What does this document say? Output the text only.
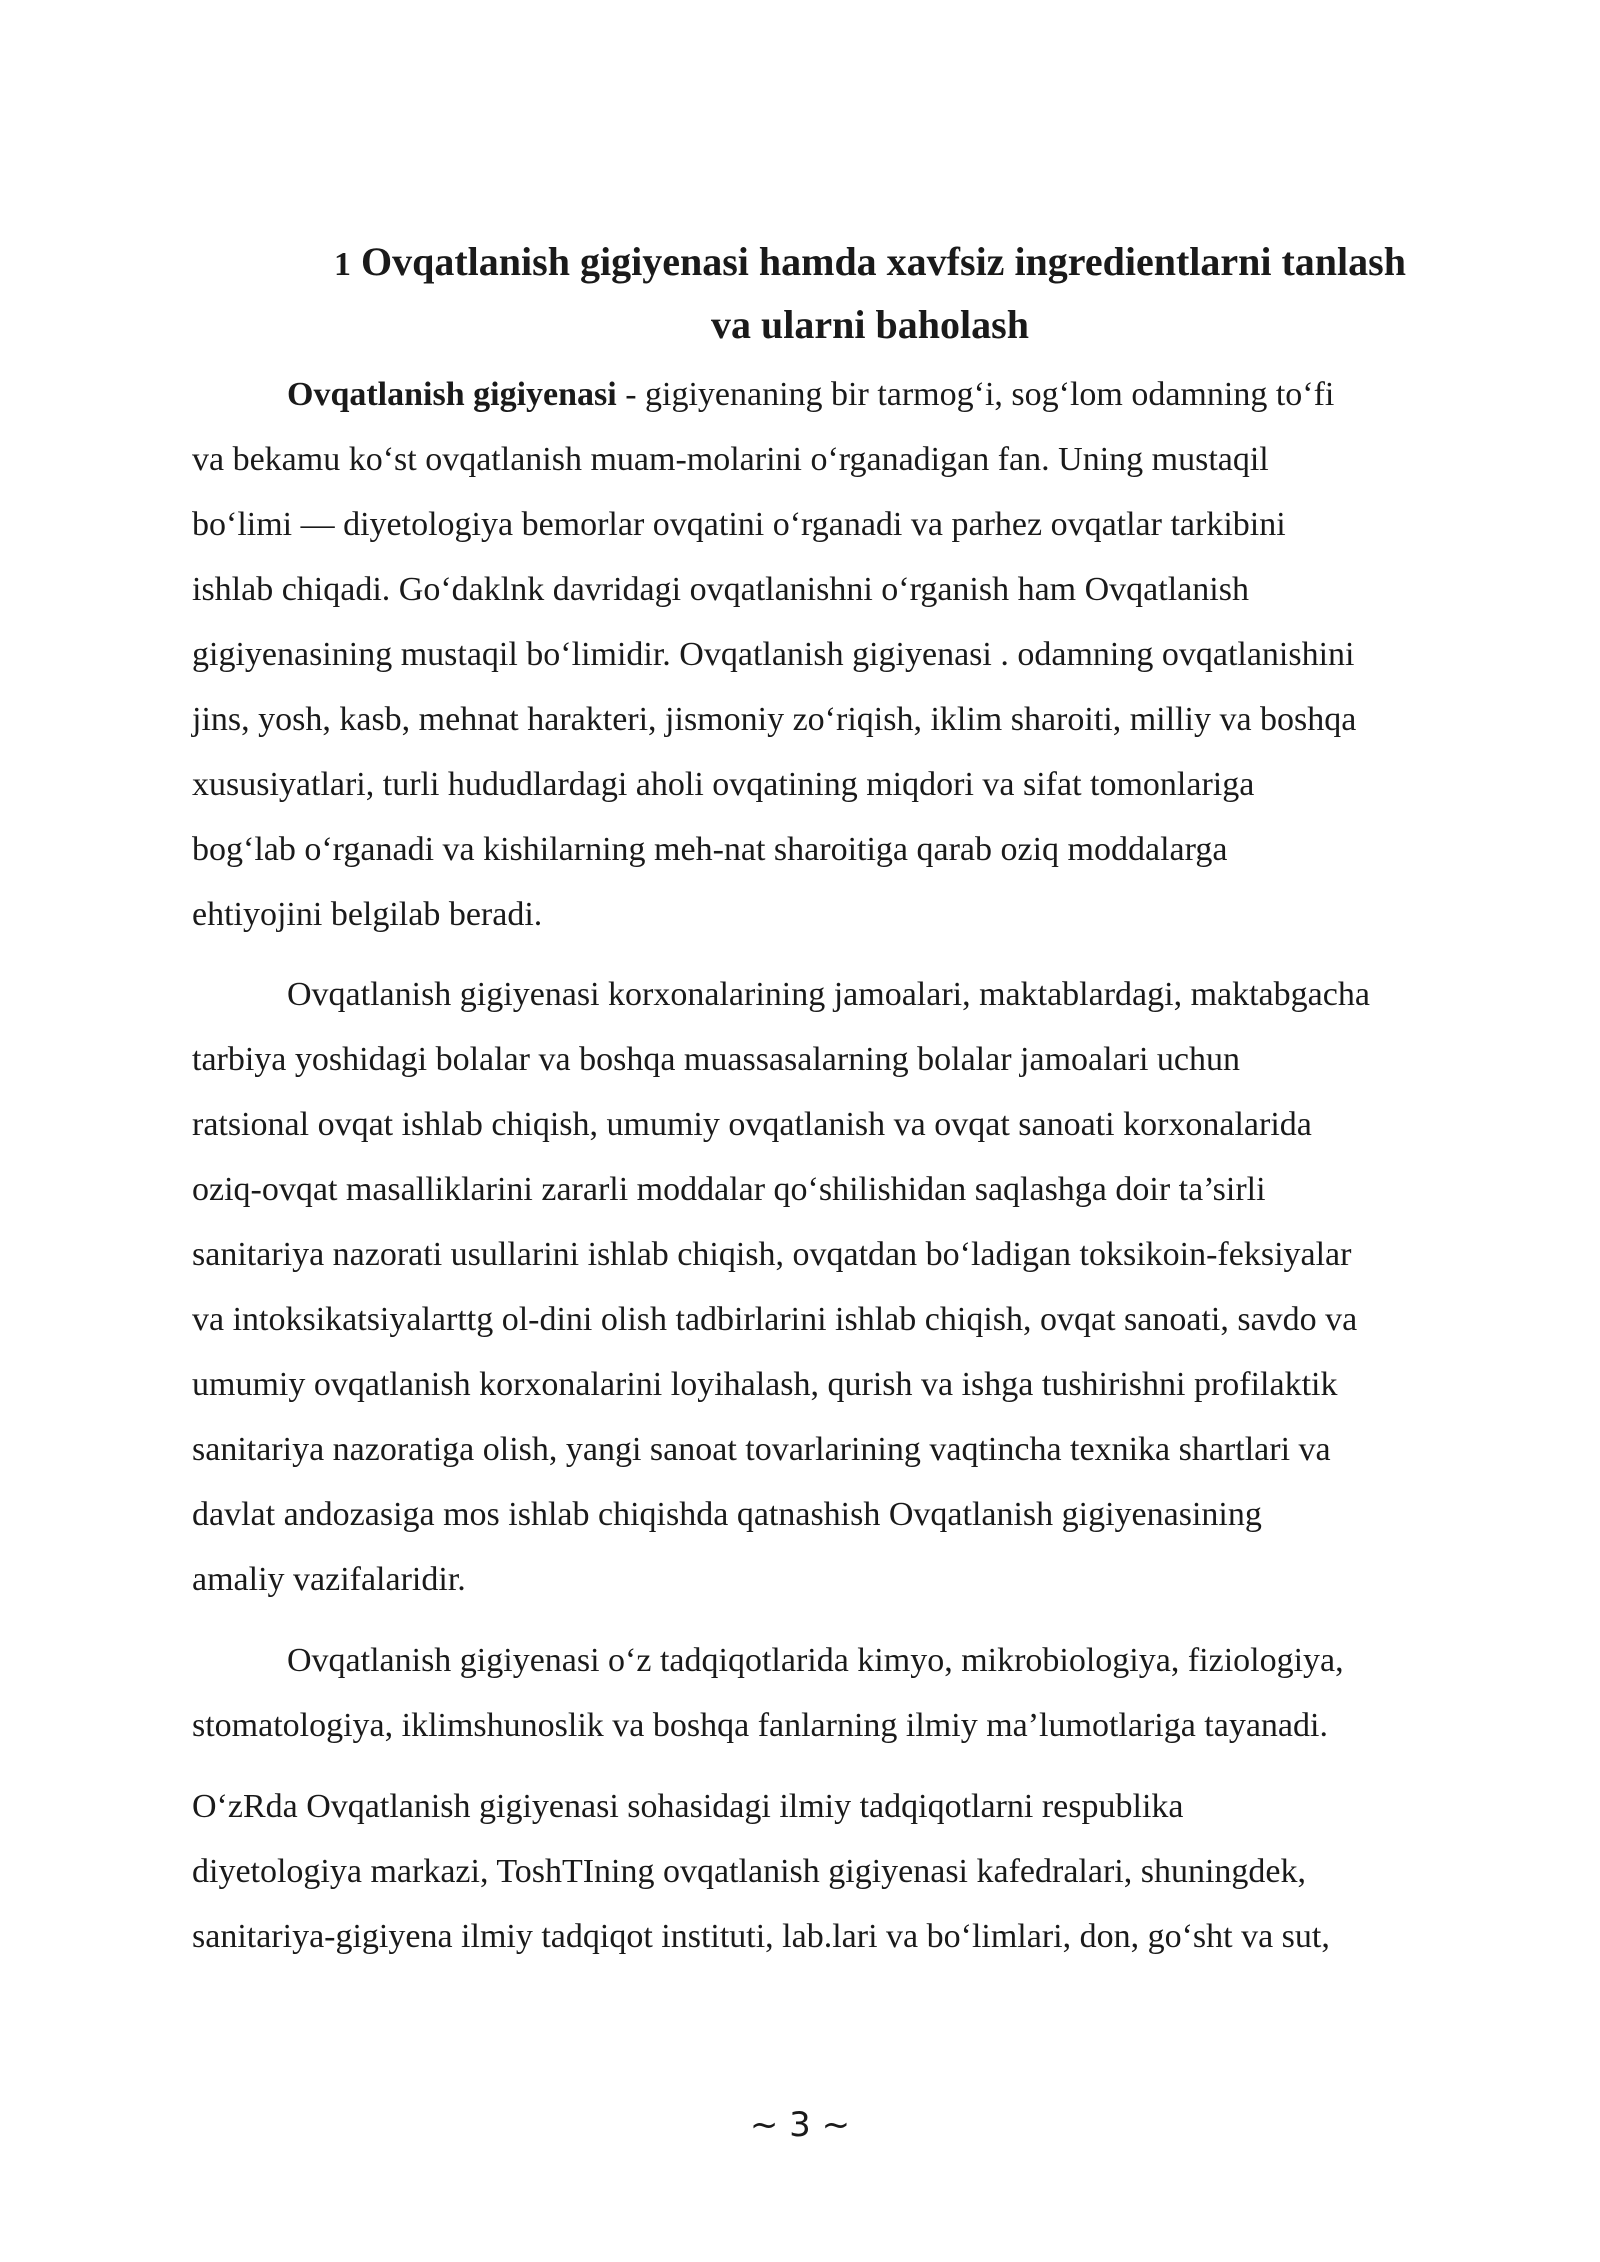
1 Ovqatlanish gigiyenasi hamda xavfsiz ingredientlarni tanlash
va ularni baholash

Ovqatlanish gigiyenasi - gigiyenaning bir tarmog‘i, sog‘lom odamning to‘fi

va bekamu ko‘st ovqatlanish muam-molarini o‘rganadigan fan. Uning mustaqil
bo‘limi — diyetologiya bemorlar ovqatini o‘rganadi va parhez ovqatlar tarkibini
ishlab chiqadi. Go‘daklnk davridagi ovqatlanishni o‘rganish ham Ovqatlanish
gigiyenasining mustaqil bo‘limidir. Ovqatlanish gigiyenasi . odamning ovqatlanishini
jins, yosh, kasb, mehnat harakteri, jismoniy zo‘riqish, iklim sharoiti, milliy va boshqa
xususiyatlari, turli hududlardagi aholi ovqatining miqdori va sifat tomonlariga
bog‘lab o‘rganadi va kishilarning meh-nat sharoitiga qarab oziq moddalarga
ehtiyojini belgilab beradi.

Ovqatlanish gigiyenasi korxonalarining jamoalari, maktablardagi, maktabgacha

tarbiya yoshidagi bolalar va boshqa muassasalarning bolalar jamoalari uchun
ratsional ovqat ishlab chiqish, umumiy ovqatlanish va ovqat sanoati korxonalarida
oziq-ovqat masalliklarini zararli moddalar qo‘shilishidan saqlashga doir ta’sirli
sanitariya nazorati usullarini ishlab chiqish, ovqatdan bo‘ladigan toksikoin-feksiyalar
va intoksikatsiyalarttg ol-dini olish tadbirlarini ishlab chiqish, ovqat sanoati, savdo va
umumiy ovqatlanish korxonalarini loyihalash, qurish va ishga tushirishni profilaktik
sanitariya nazoratiga olish, yangi sanoat tovarlarining vaqtincha texnika shartlari va
davlat andozasiga mos ishlab chiqishda qatnashish Ovqatlanish gigiyenasining
amaliy vazifalaridir.

Ovqatlanish gigiyenasi o‘z tadqiqotlarida kimyo, mikrobiologiya, fiziologiya,

stomatologiya, iklimshunoslik va boshqa fanlarning ilmiy ma’lumotlariga tayanadi.

O‘zRda Ovqatlanish gigiyenasi sohasidagi ilmiy tadqiqotlarni respublika
diyetologiya markazi, ToshTIning ovqatlanish gigiyenasi kafedralari, shuningdek,
sanitariya-gigiyena ilmiy tadqiqot instituti, lab.lari va bo‘limlari, don, go‘sht va sut,

~ 3 ~
